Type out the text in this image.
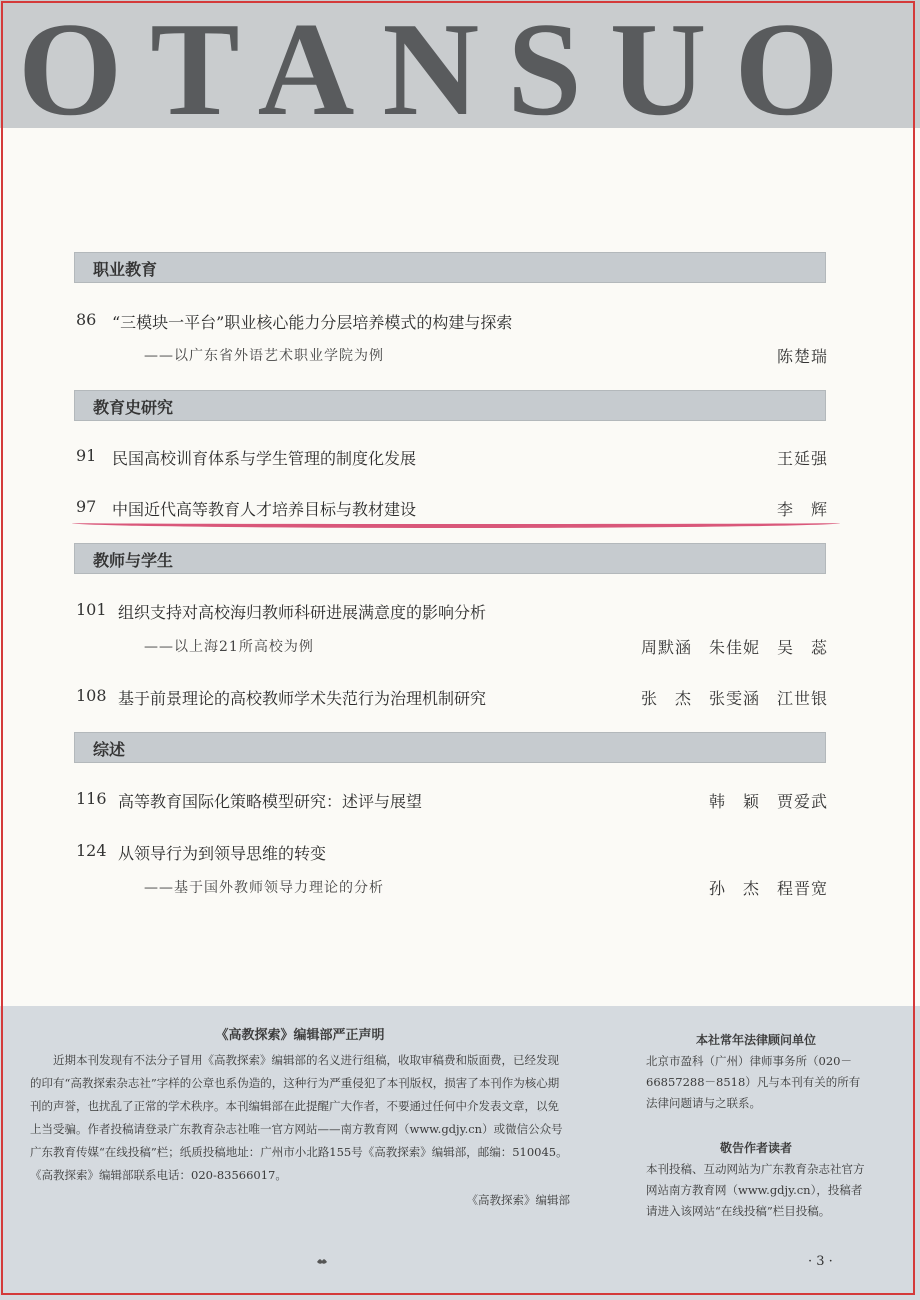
OTANSUO
职业教育
86 “三模块一平台”职业核心能力分层培养模式的构建与探索
——以广东省外语艺术职业学院为例	陈楚瑞
教育史研究
91 民国高校训育体系与学生管理的制度化发展	王延强
97 中国近代高等教育人才培养目标与教材建设	李　辉
教师与学生
101 组织支持对高校海归教师科研进展满意度的影响分析
——以上海21所高校为例	周默涵　朱佳妮　吴　蕊
108 基于前景理论的高校教师学术失范行为治理机制研究	张　杰　张雯涵　江世银
综述
116 高等教育国际化策略模型研究：述评与展望	韩　颖　贾爱武
124 从领导行为到领导思维的转变
——基于国外教师领导力理论的分析	孙　杰　程晋宽
《高教探索》编辑部严正声明

近期本刊发现有不法分子冒用《高教探索》编辑部的名义进行组稿，收取审稿费和版面费，已经发现的印有“高教探索杂志社”字样的公章也系伪造的，这种行为严重侵犯了本刊版权，损害了本刊作为核心期刊的声誉，也扰乱了正常的学术秩序。本刊编辑部在此提醒广大作者，不要通过任何中介发表文章，以免上当受骗。作者投稿请登录广东教育杂志社唯一官方网站——南方教育网（www.gdjy.cn）或微信公众号广东教育传媒“在线投稿”栏；纸质投稿地址：广州市小北路155号《高教探索》编辑部，邮编：510045。《高教探索》编辑部联系电话：020-83566017。

《高教探索》编辑部
本社常年法律顾问单位

北京市盈科（广州）律师事务所（020－66857288－8518）凡与本刊有关的所有法律问题请与之联系。

敬告作者读者

本刊投稿、互动网站为广东教育杂志社官方网站南方教育网（www.gdjy.cn），投稿者请进入该网站“在线投稿”栏目投稿。

· 3 ·
